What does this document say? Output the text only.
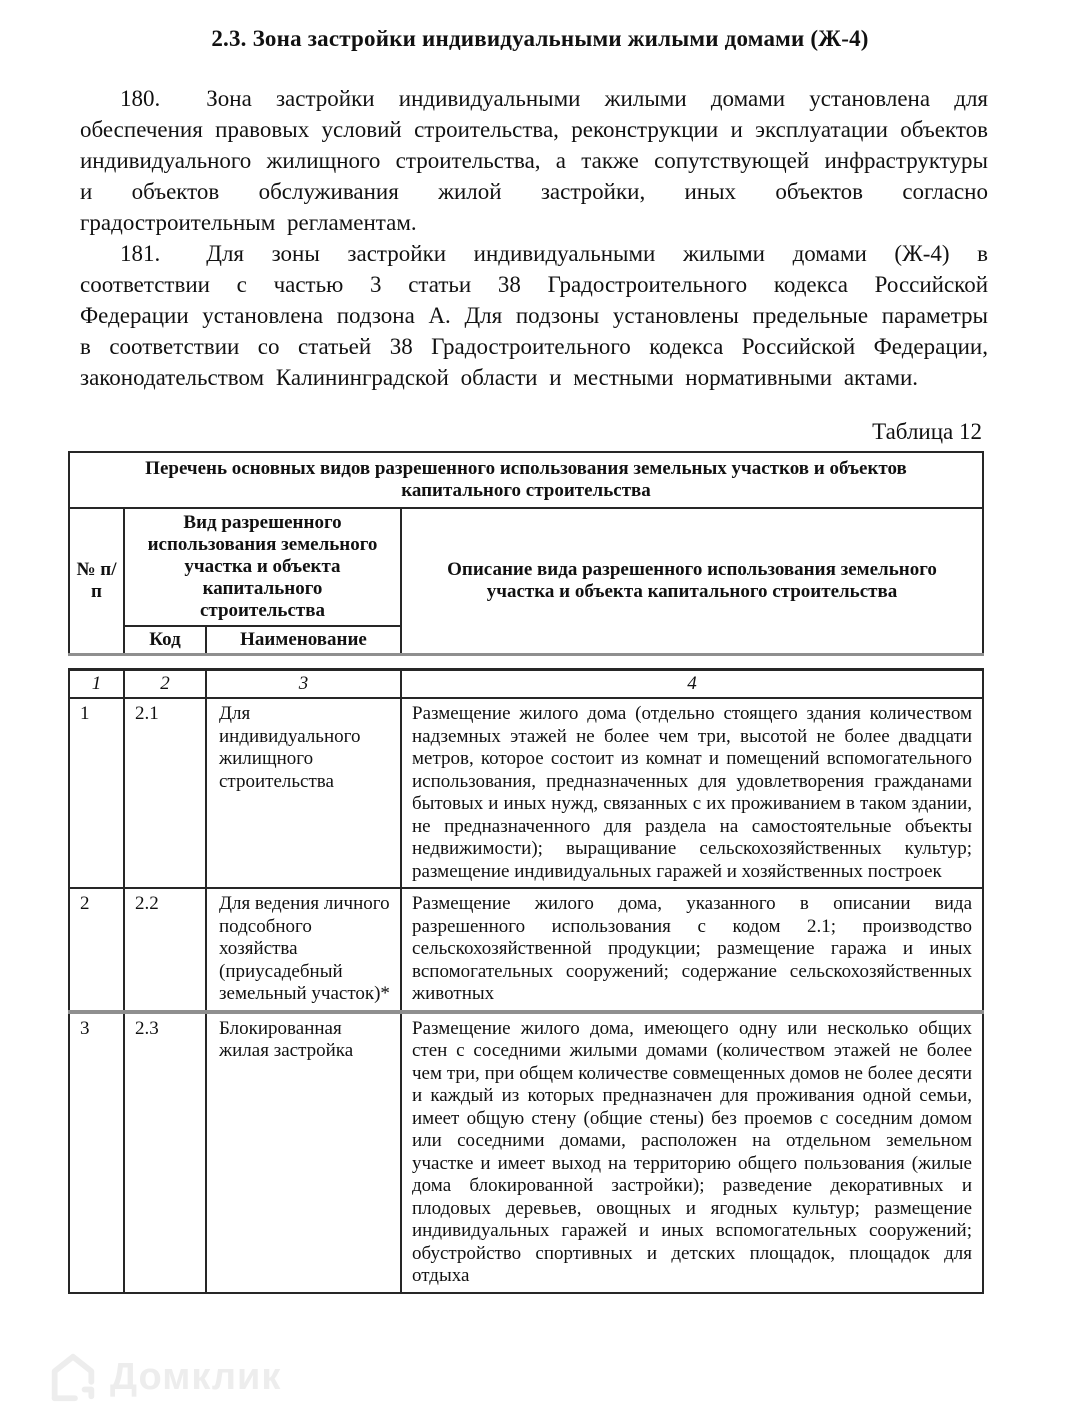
2.3. Зона застройки индивидуальными жилыми домами (Ж-4)

180. Зона застройки индивидуальными жилыми домами установлена для обеспечения правовых условий строительства, реконструкции и эксплуатации объектов индивидуального жилищного строительства, а также сопутствующей инфраструктуры и объектов обслуживания жилой застройки, иных объектов согласно градостроительным регламентам.

181. Для зоны застройки индивидуальными жилыми домами (Ж-4) в соответствии с частью 3 статьи 38 Градостроительного кодекса Российской Федерации установлена подзона А. Для подзоны установлены предельные параметры в соответствии со статьей 38 Градостроительного кодекса Российской Федерации, законодательством Калининградской области и местными нормативными актами.

Таблица 12
Перечень основных видов разрешенного использования земельных участков и объектов капитального строительства			
№ п/п	Вид разрешенного использования земельного участка и объекта капитального строительства		Описание вида разрешенного использования земельного участка и объекта капитального строительства
	Код	Наименование	
1	2	3	4
1	2.1	Для индивидуального жилищного строительства	Размещение жилого дома (отдельно стоящего здания количеством надземных этажей не более чем три, высотой не более двадцати метров, которое состоит из комнат и помещений вспомогательного использования, предназначенных для удовлетворения гражданами бытовых и иных нужд, связанных с их проживанием в таком здании, не предназначенного для раздела на самостоятельные объекты недвижимости); выращивание сельскохозяйственных культур; размещение индивидуальных гаражей и хозяйственных построек
2	2.2	Для ведения личного подсобного хозяйства (приусадебный земельный участок)*	Размещение жилого дома, указанного в описании вида разрешенного использования с кодом 2.1; производство сельскохозяйственной продукции; размещение гаража и иных вспомогательных сооружений; содержание сельскохозяйственных животных
3	2.3	Блокированная жилая застройка	Размещение жилого дома, имеющего одну или несколько общих стен с соседними жилыми домами (количеством этажей не более чем три, при общем количестве совмещенных домов не более десяти и каждый из которых предназначен для проживания одной семьи, имеет общую стену (общие стены) без проемов с соседним домом или соседними домами, расположен на отдельном земельном участке и имеет выход на территорию общего пользования (жилые дома блокированной застройки); разведение декоративных и плодовых деревьев, овощных и ягодных культур; размещение индивидуальных гаражей и иных вспомогательных сооружений; обустройство спортивных и детских площадок, площадок для отдыха
Домклик
